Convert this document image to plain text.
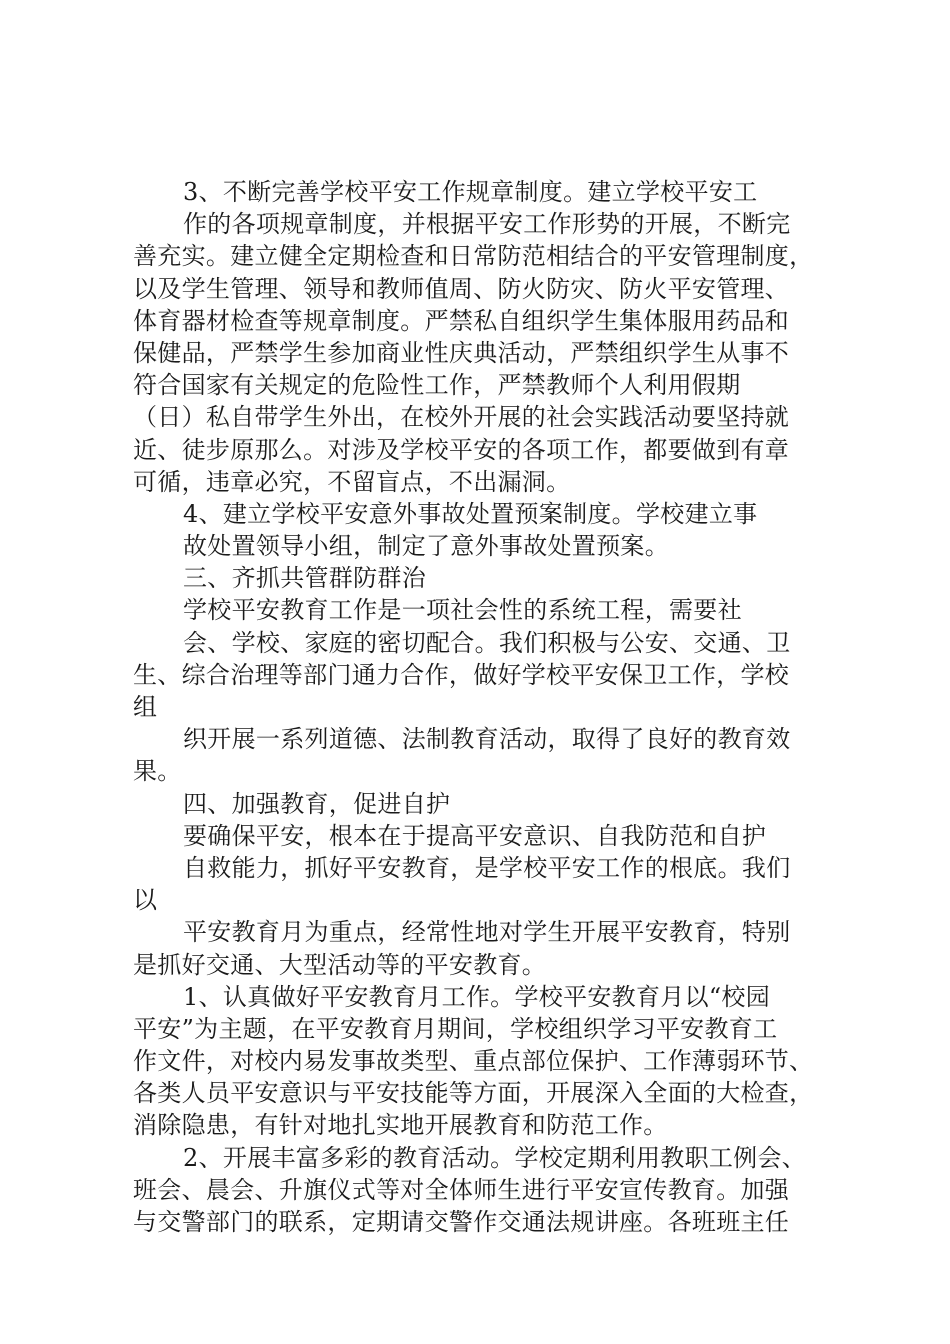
3、不断完善学校平安工作规章制度。建立学校平安工
作的各项规章制度，并根据平安工作形势的开展，不断完
善充实。建立健全定期检查和日常防范相结合的平安管理制度，
以及学生管理、领导和教师值周、防火防灾、防火平安管理、
体育器材检查等规章制度。严禁私自组织学生集体服用药品和
保健品，严禁学生参加商业性庆典活动，严禁组织学生从事不
符合国家有关规定的危险性工作，严禁教师个人利用假期
（日）私自带学生外出，在校外开展的社会实践活动要坚持就
近、徒步原那么。对涉及学校平安的各项工作，都要做到有章
可循，违章必究，不留盲点，不出漏洞。
4、建立学校平安意外事故处置预案制度。学校建立事
故处置领导小组，制定了意外事故处置预案。
三、齐抓共管群防群治
学校平安教育工作是一项社会性的系统工程，需要社
会、学校、家庭的密切配合。我们积极与公安、交通、卫
生、综合治理等部门通力合作，做好学校平安保卫工作，学校
组
织开展一系列道德、法制教育活动，取得了良好的教育效
果。
四、加强教育，促进自护
要确保平安，根本在于提高平安意识、自我防范和自护
自救能力，抓好平安教育，是学校平安工作的根底。我们
以
平安教育月为重点，经常性地对学生开展平安教育，特别
是抓好交通、大型活动等的平安教育。
1、认真做好平安教育月工作。学校平安教育月以“校园
平安”为主题，在平安教育月期间，学校组织学习平安教育工
作文件，对校内易发事故类型、重点部位保护、工作薄弱环节、
各类人员平安意识与平安技能等方面，开展深入全面的大检查，
消除隐患，有针对地扎实地开展教育和防范工作。
2、开展丰富多彩的教育活动。学校定期利用教职工例会、
班会、晨会、升旗仪式等对全体师生进行平安宣传教育。加强
与交警部门的联系，定期请交警作交通法规讲座。各班班主任
